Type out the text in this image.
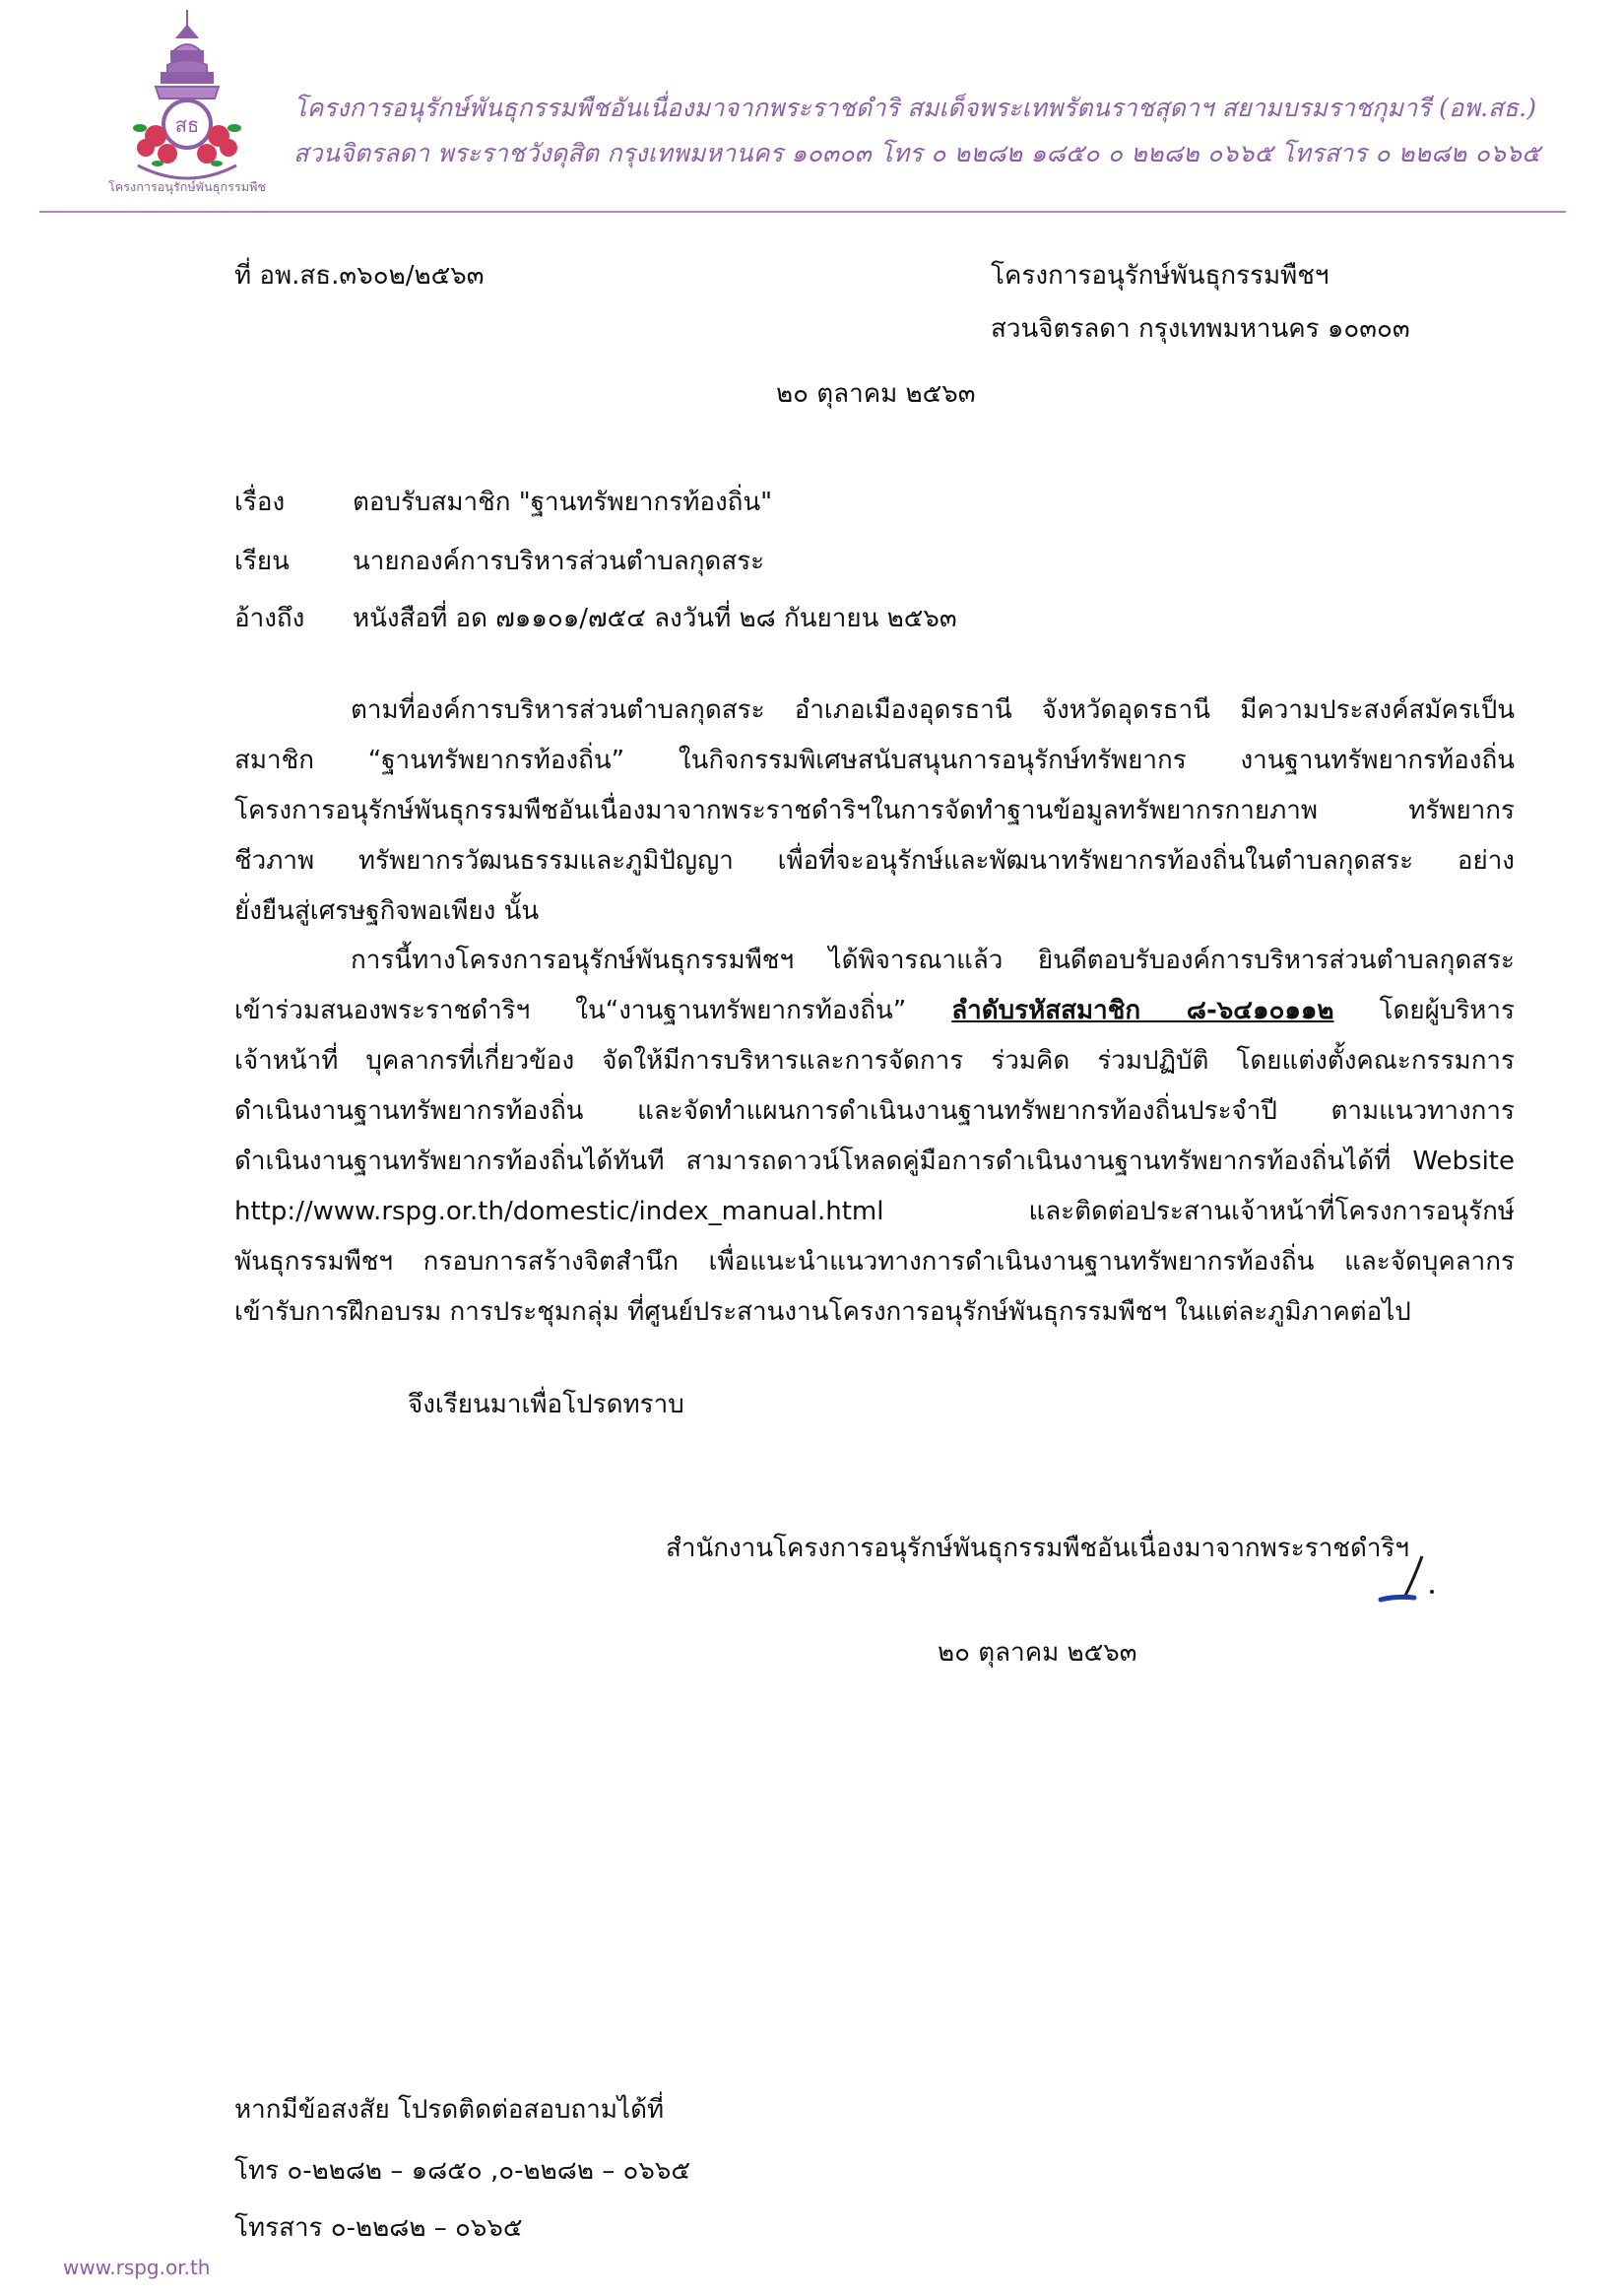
สธ
โครงการอนุรักษ์พันธุกรรมพืช
โครงการอนุรักษ์พันธุกรรมพืชอันเนื่องมาจากพระราชดําริ สมเด็จพระเทพรัตนราชสุดาฯ สยามบรมราชกุมารี (อพ.สธ.)
สวนจิตรลดา พระราชวังดุสิต กรุงเทพมหานคร ๑๐๓๐๓ โทร ๐ ๒๒๘๒ ๑๘๕๐ ๐ ๒๒๘๒ ๐๖๖๕ โทรสาร ๐ ๒๒๘๒ ๐๖๖๕
ที่ อพ.สธ.๓๖๐๒/๒๕๖๓	โครงการอนุรักษ์พันธุกรรมพืชฯ
สวนจิตรลดา กรุงเทพมหานคร ๑๐๓๐๓
๒๐ ตุลาคม ๒๕๖๓
เรื่อง	ตอบรับสมาชิก "ฐานทรัพยากรท้องถิ่น"
เรียน นายกองค์การบริหารส่วนตำบลกุดสระ
อ้างถึง หนังสือที่ อด ๗๑๑๐๑/๗๕๔ ลงวันที่ ๒๘ กันยายน ๒๕๖๓
ตามที่องค์การบริหารส่วนตำบลกุดสระ อำเภอเมืองอุดรธานี จังหวัดอุดรธานี มีความประสงค์สมัครเป็น
สมาชิก “ฐานทรัพยากรท้องถิ่น” ในกิจกรรมพิเศษสนับสนุนการอนุรักษ์ทรัพยากร งานฐานทรัพยากรท้องถิ่น
โครงการอนุรักษ์พันธุกรรมพืชอันเนื่องมาจากพระราชดำริฯในการจัดทำฐานข้อมูลทรัพยากรกายภาพ ทรัพยากร
ชีวภาพ ทรัพยากรวัฒนธรรมและภูมิปัญญา เพื่อที่จะอนุรักษ์และพัฒนาทรัพยากรท้องถิ่นในตำบลกุดสระ อย่าง
ยั่งยืนสู่เศรษฐกิจพอเพียง นั้น
การนี้ทางโครงการอนุรักษ์พันธุกรรมพืชฯ ได้พิจารณาแล้ว ยินดีตอบรับองค์การบริหารส่วนตำบลกุดสระ
เข้าร่วมสนองพระราชดำริฯ ใน“งานฐานทรัพยากรท้องถิ่น” ลำดับรหัสสมาชิก ๘-๖๔๑๐๑๑๒ โดยผู้บริหาร
เจ้าหน้าที่ บุคลากรที่เกี่ยวข้อง จัดให้มีการบริหารและการจัดการ ร่วมคิด ร่วมปฏิบัติ โดยแต่งตั้งคณะกรรมการ
ดำเนินงานฐานทรัพยากรท้องถิ่น และจัดทำแผนการดำเนินงานฐานทรัพยากรท้องถิ่นประจำปี ตามแนวทางการ
ดำเนินงานฐานทรัพยากรท้องถิ่นได้ทันที สามารถดาวน์โหลดคู่มือการดำเนินงานฐานทรัพยากรท้องถิ่นได้ที่ Website
http://www.rspg.or.th/domestic/index_manual.html และติดต่อประสานเจ้าหน้าที่โครงการอนุรักษ์
พันธุกรรมพืชฯ กรอบการสร้างจิตสำนึก เพื่อแนะนำแนวทางการดำเนินงานฐานทรัพยากรท้องถิ่น และจัดบุคลากร
เข้ารับการฝึกอบรม การประชุมกลุ่ม ที่ศูนย์ประสานงานโครงการอนุรักษ์พันธุกรรมพืชฯ ในแต่ละภูมิภาคต่อไป
จึงเรียนมาเพื่อโปรดทราบ
สำนักงานโครงการอนุรักษ์พันธุกรรมพืชอันเนื่องมาจากพระราชดำริฯ
๒๐ ตุลาคม ๒๕๖๓
หากมีข้อสงสัย โปรดติดต่อสอบถามได้ที่
โทร ๐-๒๒๘๒ – ๑๘๕๐ ,๐-๒๒๘๒ – ๐๖๖๕
โทรสาร ๐-๒๒๘๒ – ๐๖๖๕
www.rspg.or.th
